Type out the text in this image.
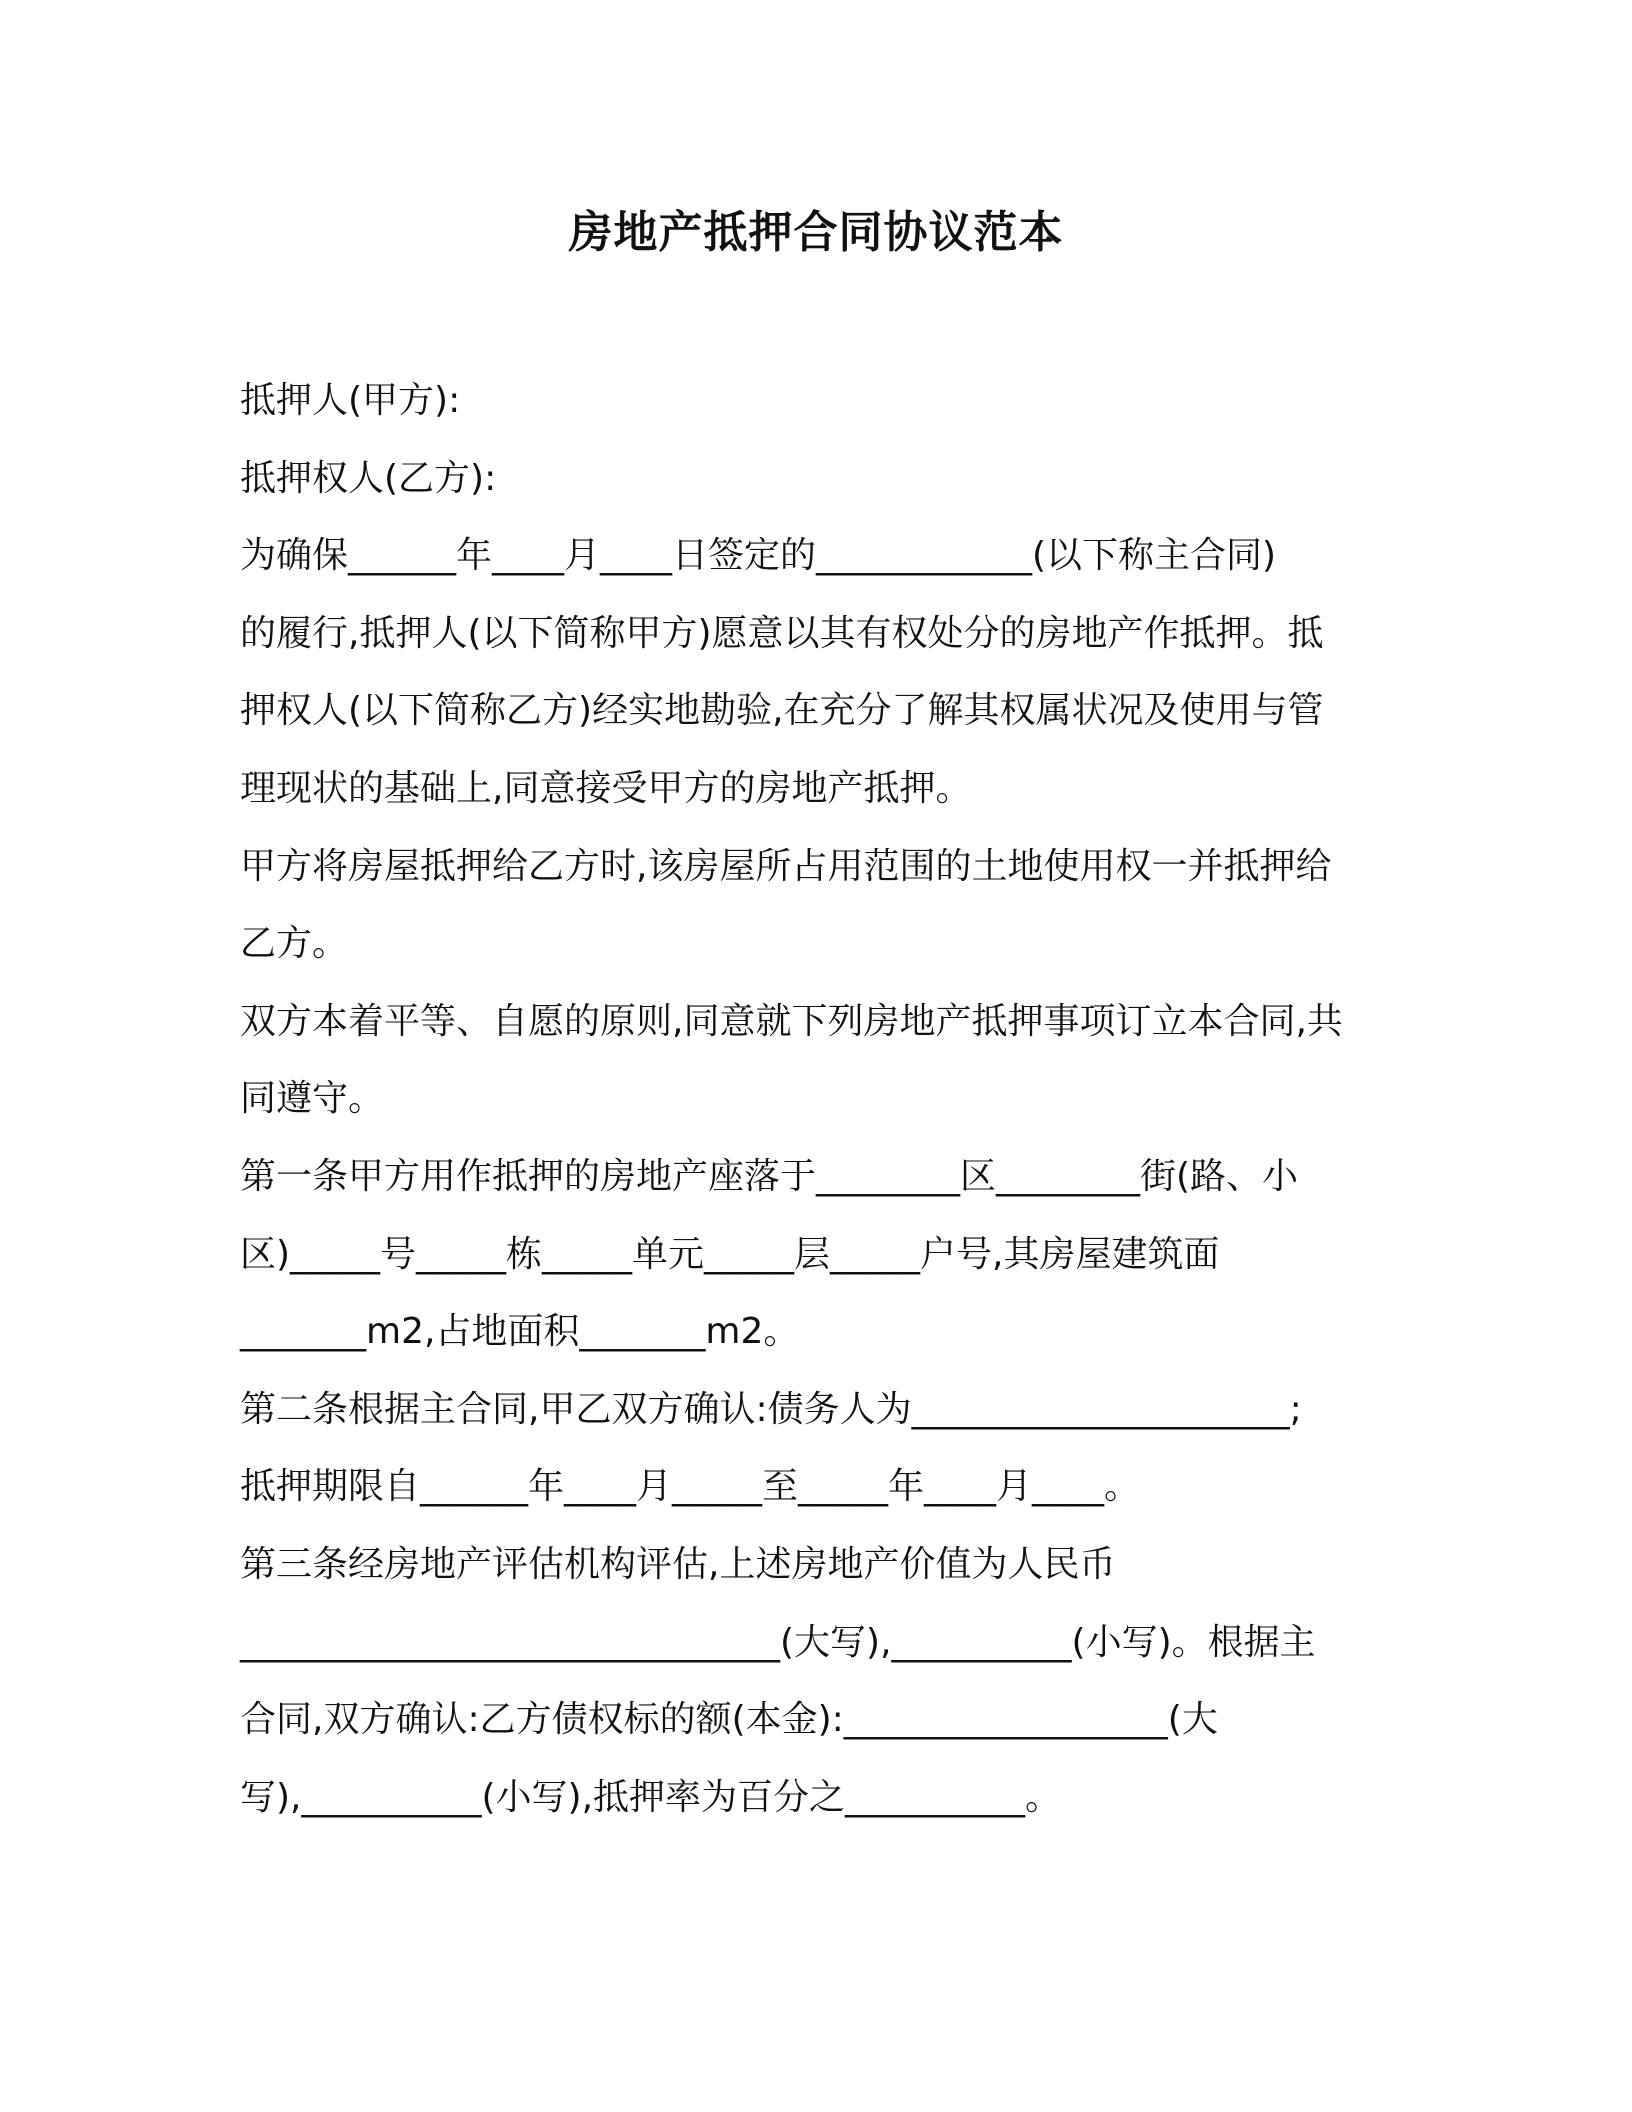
房地产抵押合同协议范本
抵押人(甲方):
抵押权人(乙方):
为确保______年____月____日签定的____________(以下称主合同)
的履行,抵押人(以下简称甲方)愿意以其有权处分的房地产作抵押。抵
押权人(以下简称乙方)经实地勘验,在充分了解其权属状况及使用与管
理现状的基础上,同意接受甲方的房地产抵押。
甲方将房屋抵押给乙方时,该房屋所占用范围的土地使用权一并抵押给
乙方。
双方本着平等、自愿的原则,同意就下列房地产抵押事项订立本合同,共
同遵守。
第一条甲方用作抵押的房地产座落于________区________街(路、小
区)_____号_____栋_____单元_____层_____户号,其房屋建筑面
_______m2,占地面积_______m2。
第二条根据主合同,甲乙双方确认:债务人为_____________________;
抵押期限自______年____月_____至_____年____月____。
第三条经房地产评估机构评估,上述房地产价值为人民币
______________________________(大写),__________(小写)。根据主
合同,双方确认:乙方债权标的额(本金):__________________(大
写),__________(小写),抵押率为百分之__________。
